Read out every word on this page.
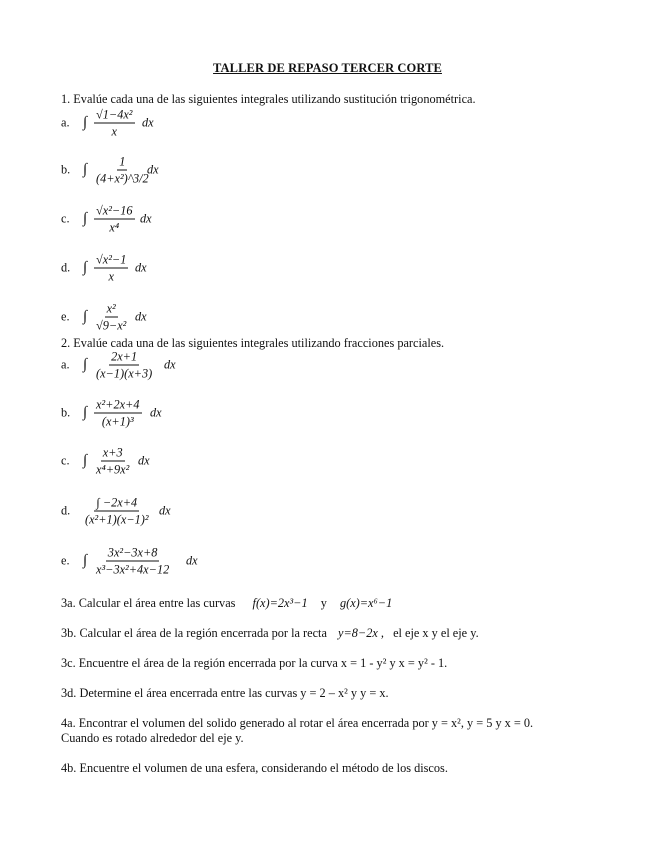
TALLER DE REPASO TERCER CORTE
1. Evalúe cada una de las siguientes integrales utilizando sustitución trigonométrica.
a. ∫ $\frac{\text{√1−4x²}}{x}$ dx
b. ∫ $\frac{1}{\text{(4+x²)\textasciicircum{}3/2}}$
dx
c. ∫ $\frac{\text{√x²−16}}{\text{x⁴}}$ dx
d. ∫ $\frac{\text{√x²−1}}{x}$ dx
e. ∫ $\frac{\text{x²}}{\text{√9−x²}}$ dx
2. Evalúe cada una de las siguientes integrales utilizando fracciones parciales.
a. ∫ $\frac{2x+1}{(x-1)(x+3)}$ dx
b. ∫ $\frac{\text{x²+2x+4}}{\text{(x+1)³}}$ dx
c. ∫ $\frac{x+3}{\text{x⁴+9x²}}$ dx
d. $\frac{\int -2x+4}{\text{(x²+1)(x−1)²}}$ dx
e. ∫ $\frac{\text{3x²−3x+8}}{\text{x³−3x²+4x−12}}$ dx
3a. Calcular el área entre las curvas f(x)=2x³−1 y g(x)=x⁶−1
3b. Calcular el área de la región encerrada por la recta y=8−2x , el eje x y el eje y.
3c. Encuentre el área de la región encerrada por la curva x = 1 - y² y x = y² - 1.
3d. Determine el área encerrada entre las curvas y = 2 – x² y y = x.
4a. Encontrar el volumen del solido generado al rotar el área encerrada por y = x², y = 5 y x = 0.
Cuando es rotado alrededor del eje y.
4b. Encuentre el volumen de una esfera, considerando el método de los discos.
